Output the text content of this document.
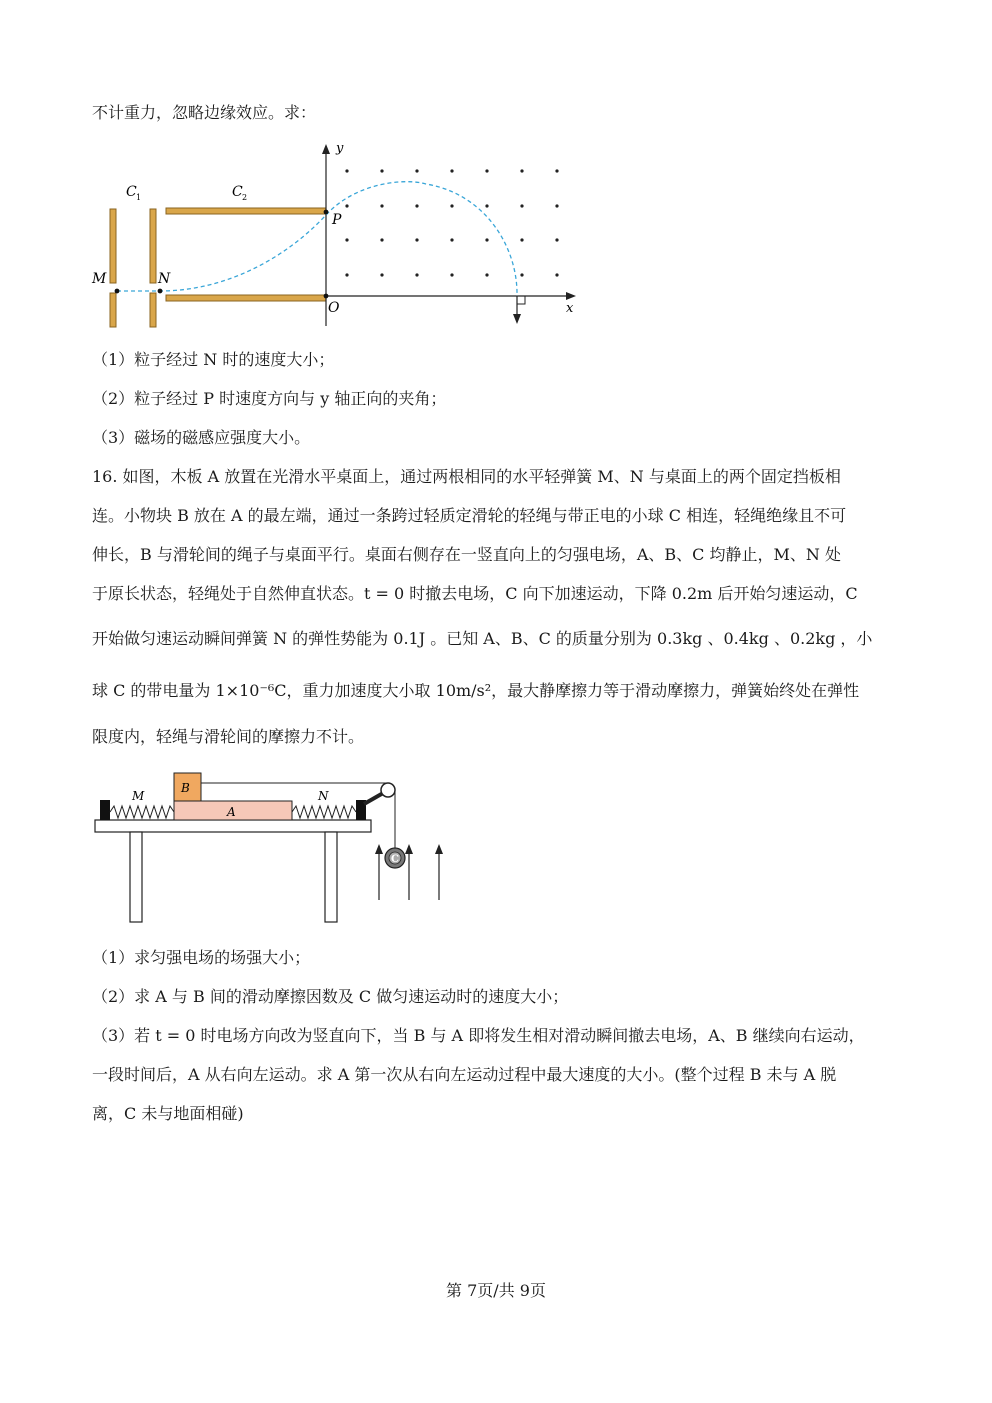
不计重力，忽略边缘效应。求：
C 1	C 2
M	N
P
O	x
y
（1）粒子经过 N 时的速度大小；
（2）粒子经过 P 时速度方向与 y 轴正向的夹角；
（3）磁场的磁感应强度大小。
16. 如图，木板 A 放置在光滑水平桌面上，通过两根相同的水平轻弹簧 M、N 与桌面上的两个固定挡板相
连。小物块 B 放在 A 的最左端，通过一条跨过轻质定滑轮的轻绳与带正电的小球 C 相连，轻绳绝缘且不可
伸长，B 与滑轮间的绳子与桌面平行。桌面右侧存在一竖直向上的匀强电场，A、B、C 均静止，M、N 处
于原长状态，轻绳处于自然伸直状态。t = 0 时撤去电场，C 向下加速运动，下降 0.2m 后开始匀速运动，C
开始做匀速运动瞬间弹簧 N 的弹性势能为 0.1J 。已知 A、B、C 的质量分别为 0.3kg 、0.4kg 、0.2kg ，小
球 C 的带电量为 1×10⁻⁶C，重力加速度大小取 10m/s²，最大静摩擦力等于滑动摩擦力，弹簧始终处在弹性
限度内，轻绳与滑轮间的摩擦力不计。
B
A
M	N
C
（1）求匀强电场的场强大小；
（2）求 A 与 B 间的滑动摩擦因数及 C 做匀速运动时的速度大小；
（3）若 t = 0 时电场方向改为竖直向下，当 B 与 A 即将发生相对滑动瞬间撤去电场，A、B 继续向右运动，
一段时间后，A 从右向左运动。求 A 第一次从右向左运动过程中最大速度的大小。(整个过程 B 未与 A 脱
离，C 未与地面相碰)
第 7页/共 9页
